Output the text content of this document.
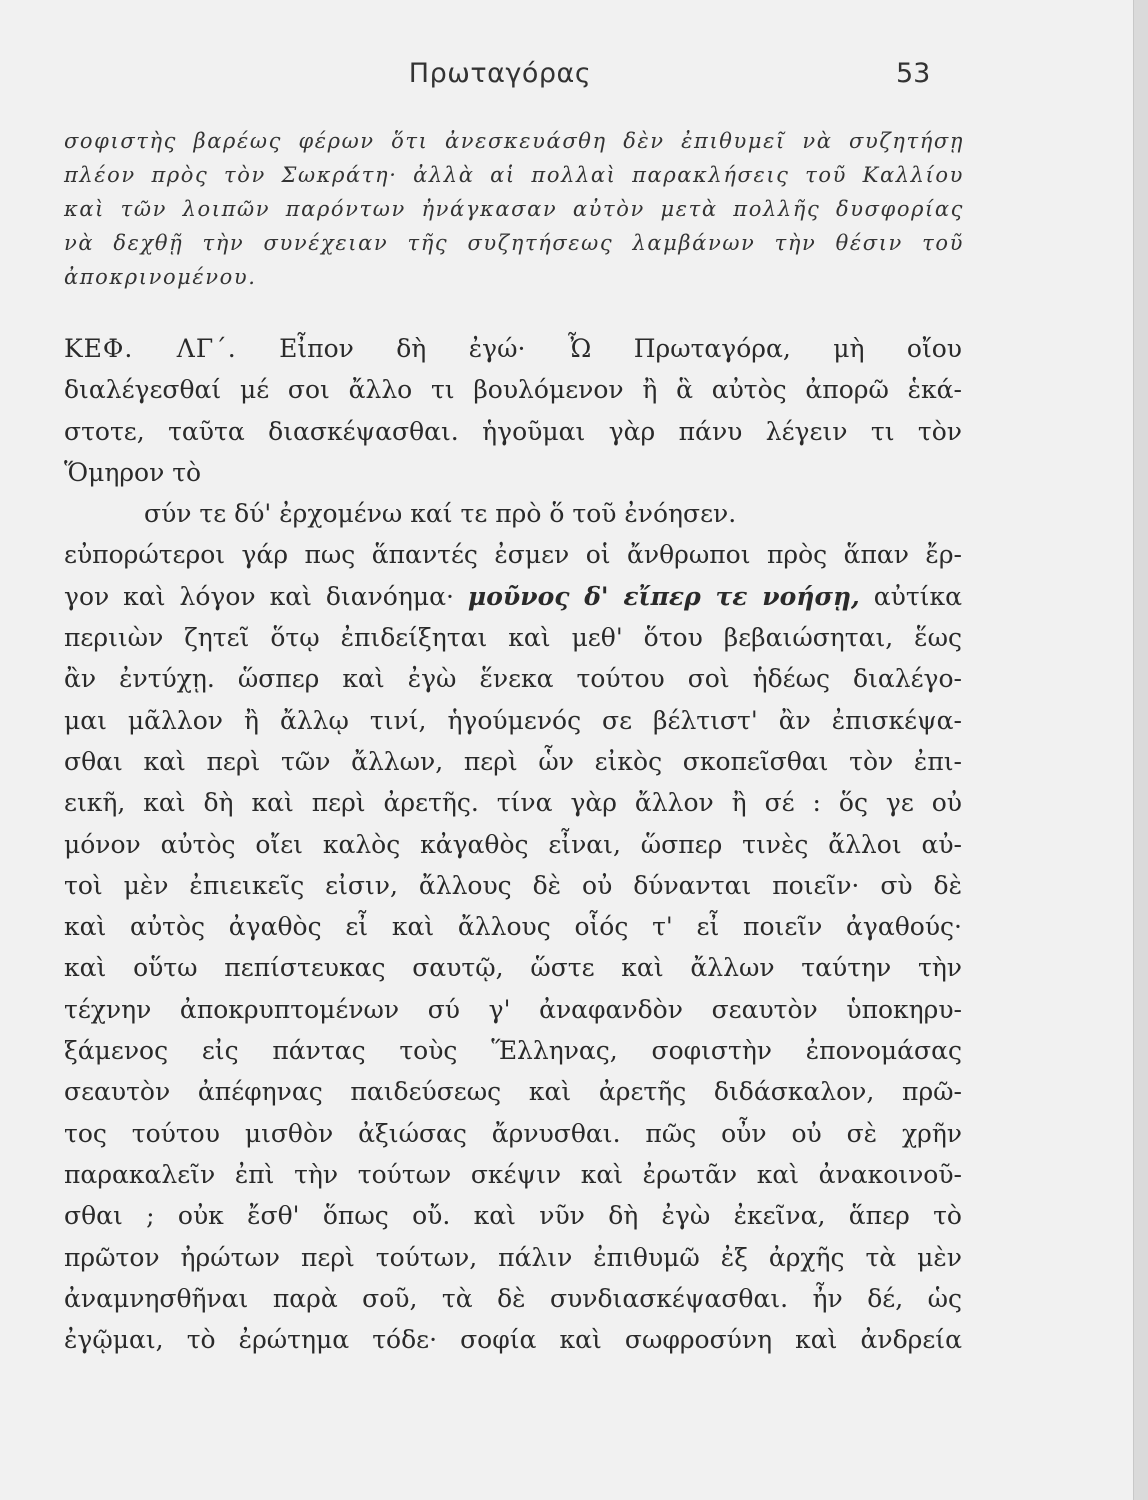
Πρωταγόρας	53
σοφιστὴς βαρέως φέρων ὅτι ἀνεσκευάσθη δὲν ἐπιθυμεῖ νὰ συζητήσῃ
πλέον πρὸς τὸν Σωκράτη· ἀλλὰ αἱ πολλαὶ παρακλήσεις τοῦ Καλλίου
καὶ τῶν λοιπῶν παρόντων ἠνάγκασαν αὐτὸν μετὰ πολλῆς δυσφορίας
νὰ δεχθῇ τὴν συνέχειαν τῆς συζητήσεως λαμβάνων τὴν θέσιν τοῦ
ἀποκρινομένου.
ΚΕΦ. ΛΓ΄. Εἶπον δὴ ἐγώ· Ὦ Πρωταγόρα, μὴ οἴου
διαλέγεσθαί μέ σοι ἄλλο τι βουλόμενον ἢ ἃ αὐτὸς ἀπορῶ ἑκά-
στοτε, ταῦτα διασκέψασθαι. ἡγοῦμαι γὰρ πάνυ λέγειν τι τὸν
Ὅμηρον τὸ
σύν τε δύ' ἐρχομένω καί τε πρὸ ὅ τοῦ ἐνόησεν.
εὐπορώτεροι γάρ πως ἅπαντές ἐσμεν οἱ ἄνθρωποι πρὸς ἅπαν ἔρ-
γον καὶ λόγον καὶ διανόημα· μοῦνος δ' εἴπερ τε νοήσῃ, αὐτίκα
περιιὼν ζητεῖ ὅτῳ ἐπιδείξηται καὶ μεθ' ὅτου βεβαιώσηται, ἕως
ἂν ἐντύχῃ. ὥσπερ καὶ ἐγὼ ἕνεκα τούτου σοὶ ἡδέως διαλέγο-
μαι μᾶλλον ἢ ἄλλῳ τινί, ἡγούμενός σε βέλτιστ' ἂν ἐπισκέψα-
σθαι καὶ περὶ τῶν ἄλλων, περὶ ὧν εἰκὸς σκοπεῖσθαι τὸν ἐπι-
εικῆ, καὶ δὴ καὶ περὶ ἀρετῆς. τίνα γὰρ ἄλλον ἢ σέ : ὅς γε οὐ
μόνον αὐτὸς οἴει καλὸς κἀγαθὸς εἶναι, ὥσπερ τινὲς ἄλλοι αὐ-
τοὶ μὲν ἐπιεικεῖς εἰσιν, ἄλλους δὲ οὐ δύνανται ποιεῖν· σὺ δὲ
καὶ αὐτὸς ἀγαθὸς εἶ καὶ ἄλλους οἷός τ' εἶ ποιεῖν ἀγαθούς·
καὶ οὕτω πεπίστευκας σαυτῷ, ὥστε καὶ ἄλλων ταύτην τὴν
τέχνην ἀποκρυπτομένων σύ γ' ἀναφανδὸν σεαυτὸν ὑποκηρυ-
ξάμενος εἰς πάντας τοὺς Ἕλληνας, σοφιστὴν ἐπονομάσας
σεαυτὸν ἀπέφηνας παιδεύσεως καὶ ἀρετῆς διδάσκαλον, πρῶ-
τος τούτου μισθὸν ἀξιώσας ἄρνυσθαι. πῶς οὖν οὐ σὲ χρῆν
παρακαλεῖν ἐπὶ τὴν τούτων σκέψιν καὶ ἐρωτᾶν καὶ ἀνακοινοῦ-
σθαι ; οὐκ ἔσθ' ὅπως οὔ. καὶ νῦν δὴ ἐγὼ ἐκεῖνα, ἅπερ τὸ
πρῶτον ἠρώτων περὶ τούτων, πάλιν ἐπιθυμῶ ἐξ ἀρχῆς τὰ μὲν
ἀναμνησθῆναι παρὰ σοῦ, τὰ δὲ συνδιασκέψασθαι. ἦν δέ, ὡς
ἐγῷμαι, τὸ ἐρώτημα τόδε· σοφία καὶ σωφροσύνη καὶ ἀνδρεία
